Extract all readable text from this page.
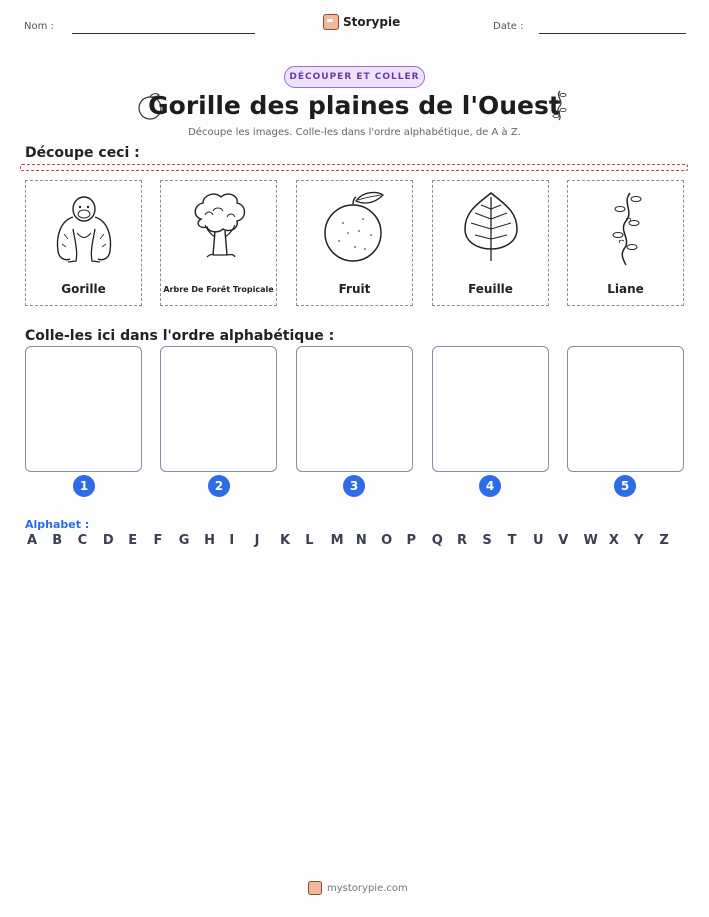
Nom :	Storypie	Date :
DÉCOUPER ET COLLER
Gorille des plaines de l'Ouest
Découpe les images. Colle-les dans l'ordre alphabétique, de A à Z.
Découpe ceci :
Gorille	Arbre De Forêt Tropicale	Fruit	Feuille	Liane
Colle-les ici dans l'ordre alphabétique :
1	2	3	4	5
Alphabet :
A	B	C	D	E	F	G	H	I	J	K	L	M N	O	P	Q	R	S	T	U	V	W X	Y	Z
mystorypie.com
